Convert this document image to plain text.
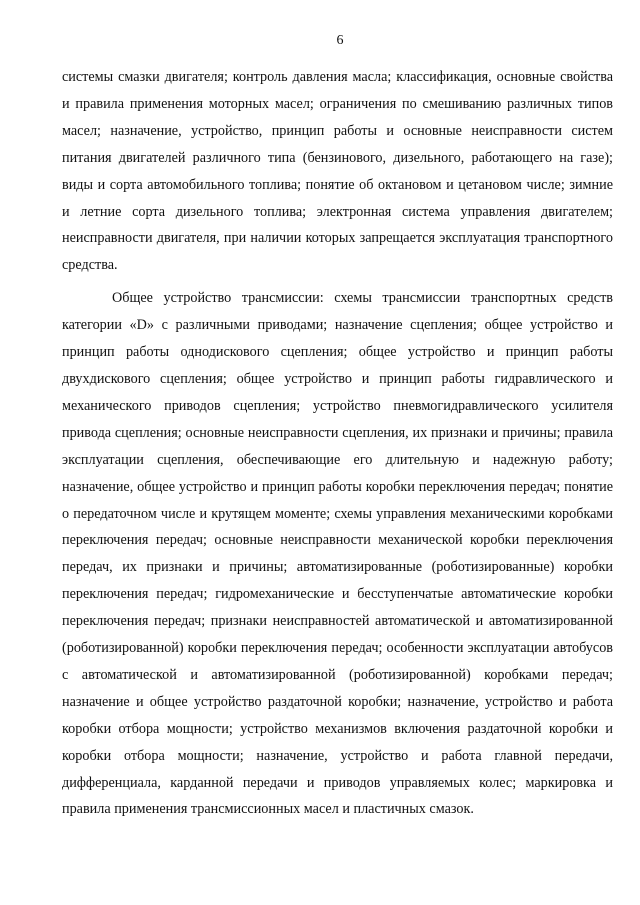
6

системы смазки двигателя; контроль давления масла; классификация, основные свойства и правила применения моторных масел; ограничения по смешиванию различных типов масел; назначение, устройство, принцип работы и основные неисправности систем питания двигателей различного типа (бензинового, дизельного, работающего на газе); виды и сорта автомобильного топлива; понятие об октановом и цетановом числе; зимние и летние сорта дизельного топлива; электронная система управления двигателем; неисправности двигателя, при наличии которых запрещается эксплуатация транспортного средства.

Общее устройство трансмиссии: схемы трансмиссии транспортных средств категории «D» с различными приводами; назначение сцепления; общее устройство и принцип работы однодискового сцепления; общее устройство и принцип работы двухдискового сцепления; общее устройство и принцип работы гидравлического и механического приводов сцепления; устройство пневмогидравлического усилителя привода сцепления; основные неисправности сцепления, их признаки и причины; правила эксплуатации сцепления, обеспечивающие его длительную и надежную работу; назначение, общее устройство и принцип работы коробки переключения передач; понятие о передаточном числе и крутящем моменте; схемы управления механическими коробками переключения передач; основные неисправности механической коробки переключения передач, их признаки и причины; автоматизированные (роботизированные) коробки переключения передач; гидромеханические и бесступенчатые автоматические коробки переключения передач; признаки неисправностей автоматической и автоматизированной (роботизированной) коробки переключения передач; особенности эксплуатации автобусов с автоматической и автоматизированной (роботизированной) коробками передач; назначение и общее устройство раздаточной коробки; назначение, устройство и работа коробки отбора мощности; устройство механизмов включения раздаточной коробки и коробки отбора мощности; назначение, устройство и работа главной передачи, дифференциала, карданной передачи и приводов управляемых колес; маркировка и правила применения трансмиссионных масел и пластичных смазок.
